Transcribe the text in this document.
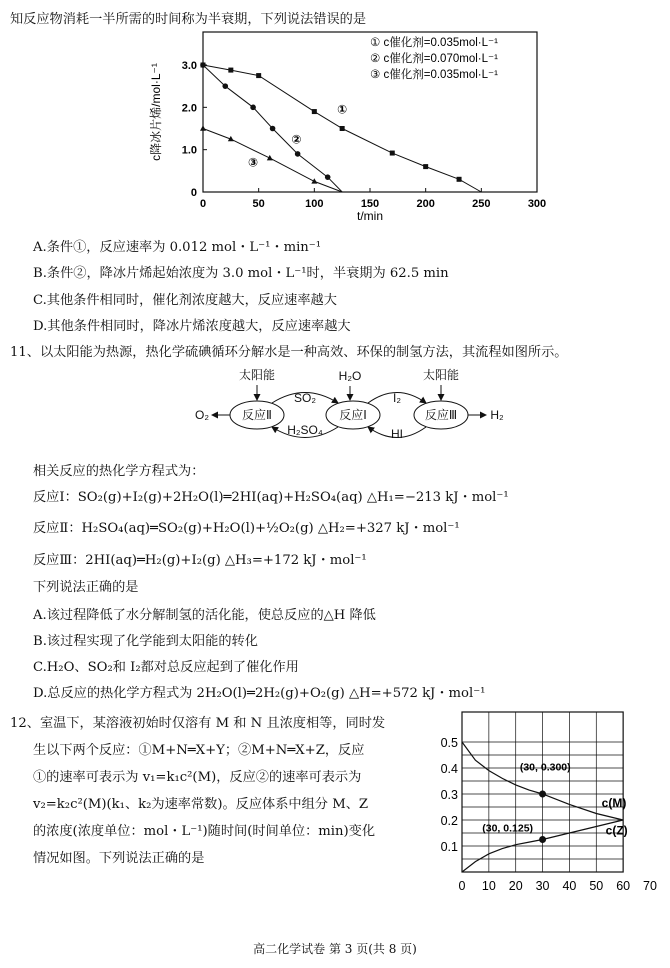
知反应物消耗一半所需的时间称为半衰期，下列说法错误的是
0	50	100	150	200	250	300
0
1.0
2.0
3.0
t/min
c降冰片烯/mol·L⁻¹	①
②
③
① c催化剂=0.035mol·L⁻¹
② c催化剂=0.070mol·L⁻¹
③ c催化剂=0.035mol·L⁻¹
A.条件①，反应速率为 0.012 mol・L⁻¹・min⁻¹
B.条件②，降冰片烯起始浓度为 3.0 mol・L⁻¹时，半衰期为 62.5 min
C.其他条件相同时，催化剂浓度越大，反应速率越大
D.其他条件相同时，降冰片烯浓度越大，反应速率越大
11、以太阳能为热源，热化学硫碘循环分解水是一种高效、环保的制氢方法，其流程如图所示。
反应Ⅱ	反应Ⅰ	反应Ⅲ
太阳能	太阳能
H₂O
SO₂
H₂SO₄
I₂
HI
O₂	H₂
相关反应的热化学方程式为：
反应Ⅰ：SO₂(g)+I₂(g)+2H₂O(l)═2HI(aq)+H₂SO₄(aq) △H₁=−213 kJ・mol⁻¹
反应Ⅱ：H₂SO₄(aq)═SO₂(g)+H₂O(l)+½O₂(g) △H₂=+327 kJ・mol⁻¹
反应Ⅲ：2HI(aq)═H₂(g)+I₂(g) △H₃=+172 kJ・mol⁻¹
下列说法正确的是
A.该过程降低了水分解制氢的活化能，使总反应的△H 降低
B.该过程实现了化学能到太阳能的转化
C.H₂O、SO₂和 I₂都对总反应起到了催化作用
D.总反应的热化学方程式为 2H₂O(l)═2H₂(g)+O₂(g) △H=+572 kJ・mol⁻¹
12、室温下，某溶液初始时仅溶有 M 和 N 且浓度相等，同时发
生以下两个反应：①M+N═X+Y；②M+N═X+Z，反应
①的速率可表示为 v₁=k₁c²(M)，反应②的速率可表示为
v₂=k₂c²(M)(k₁、k₂为速率常数)。反应体系中组分 M、Z
的浓度(浓度单位：mol・L⁻¹)随时间(时间单位：min)变化
情况如图。下列说法正确的是
0 10 20 30 40 50 60 70
0.1
0.2
0.3
0.4
0.5
c(M)
c(Z)
(30, 0.300)
(30, 0.125)
高二化学试卷 第 3 页(共 8 页)
